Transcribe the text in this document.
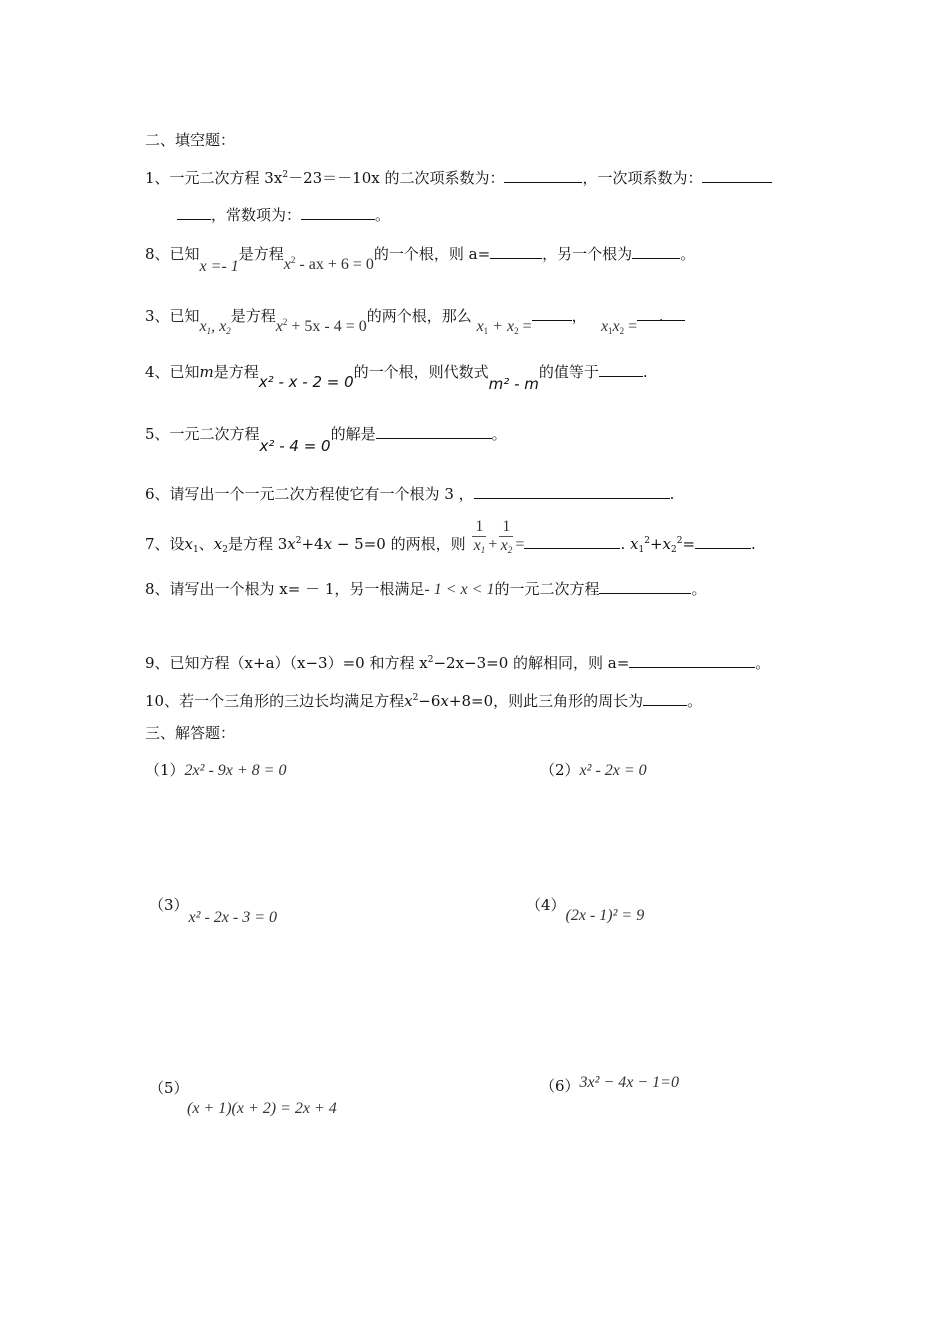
二、填空题：
1、一元二次方程 $3x^2-23=-10x$ 的二次项系数为：	，一次项系数为：
，常数项为：	。
8、已知x =- 1是方程$x^2$ - ax + 6 = 0的一个根，则 a=	，另一个根为	。
3、已知$x_1$, $x_2$是方程$x^2 + 5x - 4 = 0$的两个根，那么 $x_1 + x_2$ =，   $x_1x_2$ =.
4、已知m是方程x² - x - 2 = 0的一个根，则代数式m² - m的值等于	.
5、一元二次方程x² - 4 = 0的解是	。
6、请写出一个一元二次方程使它有一个根为 3 ，	.
7、设$x_1$、$x_2$是方程 $3x^2+4x - 5=0$ 的两根，则 $\frac{1}{x_1} + \frac{1}{x_2}$ =	. $x_1^2+x_2^2=$	.
8、请写出一个根为 x= － 1，另一根满足- 1 < x < 1的一元二次方程	。
9、已知方程（x+a）（x−3）=0 和方程 $x^2-2x-3=0$ 的解相同，则 a=	。
10、若一个三角形的三边长均满足方程$x^2-6x+8=0$，则此三角形的周长为	。
三、解答题：
（1）2x² - 9x + 8 = 0	（2）x² - 2x = 0
（3）x² - 2x - 3 = 0
（4）(2x - 1)² = 9
（5）
(x + 1)(x + 2) = 2x + 4
（6）3x² − 4x − 1=0
